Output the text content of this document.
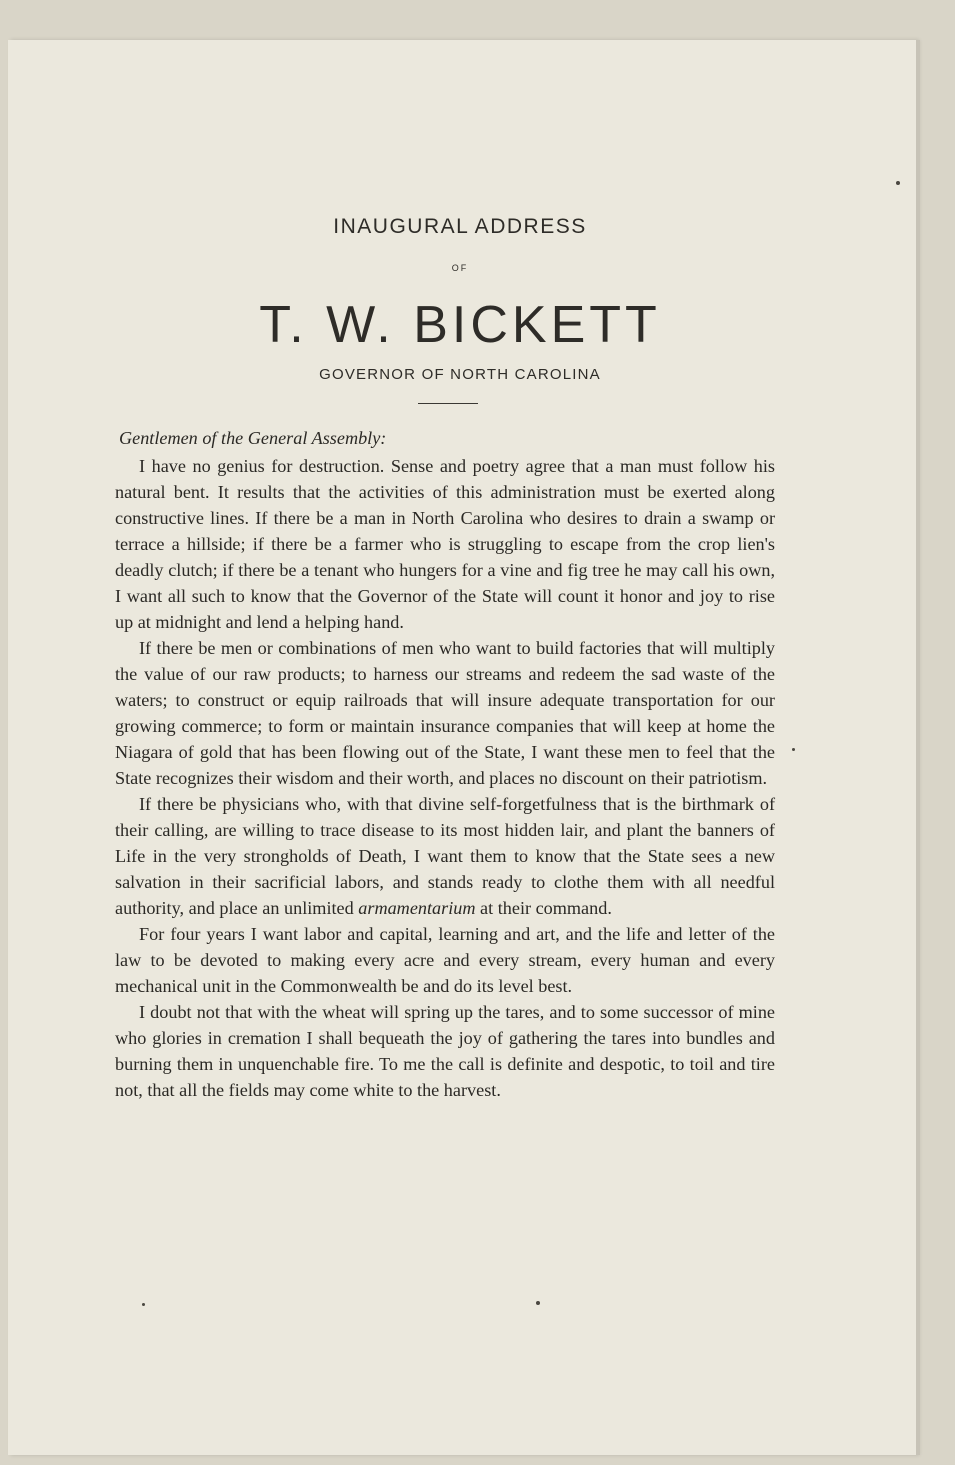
INAUGURAL ADDRESS
OF
T. W. BICKETT
GOVERNOR OF NORTH CAROLINA

Gentlemen of the General Assembly:

I have no genius for destruction. Sense and poetry agree that a man must follow his natural bent. It results that the activities of this administration must be exerted along constructive lines. If there be a man in North Carolina who desires to drain a swamp or terrace a hillside; if there be a farmer who is struggling to escape from the crop lien's deadly clutch; if there be a tenant who hungers for a vine and fig tree he may call his own, I want all such to know that the Governor of the State will count it honor and joy to rise up at midnight and lend a helping hand.

If there be men or combinations of men who want to build factories that will multiply the value of our raw products; to harness our streams and redeem the sad waste of the waters; to construct or equip railroads that will insure adequate transportation for our growing commerce; to form or maintain insurance companies that will keep at home the Niagara of gold that has been flowing out of the State, I want these men to feel that the State recognizes their wisdom and their worth, and places no discount on their patriotism.

If there be physicians who, with that divine self-forgetfulness that is the birthmark of their calling, are willing to trace disease to its most hidden lair, and plant the banners of Life in the very strongholds of Death, I want them to know that the State sees a new salvation in their sacrificial labors, and stands ready to clothe them with all needful authority, and place an unlimited armamentarium at their command.

For four years I want labor and capital, learning and art, and the life and letter of the law to be devoted to making every acre and every stream, every human and every mechanical unit in the Commonwealth be and do its level best.

I doubt not that with the wheat will spring up the tares, and to some successor of mine who glories in cremation I shall bequeath the joy of gathering the tares into bundles and burning them in unquenchable fire. To me the call is definite and despotic, to toil and tire not, that all the fields may come white to the harvest.
